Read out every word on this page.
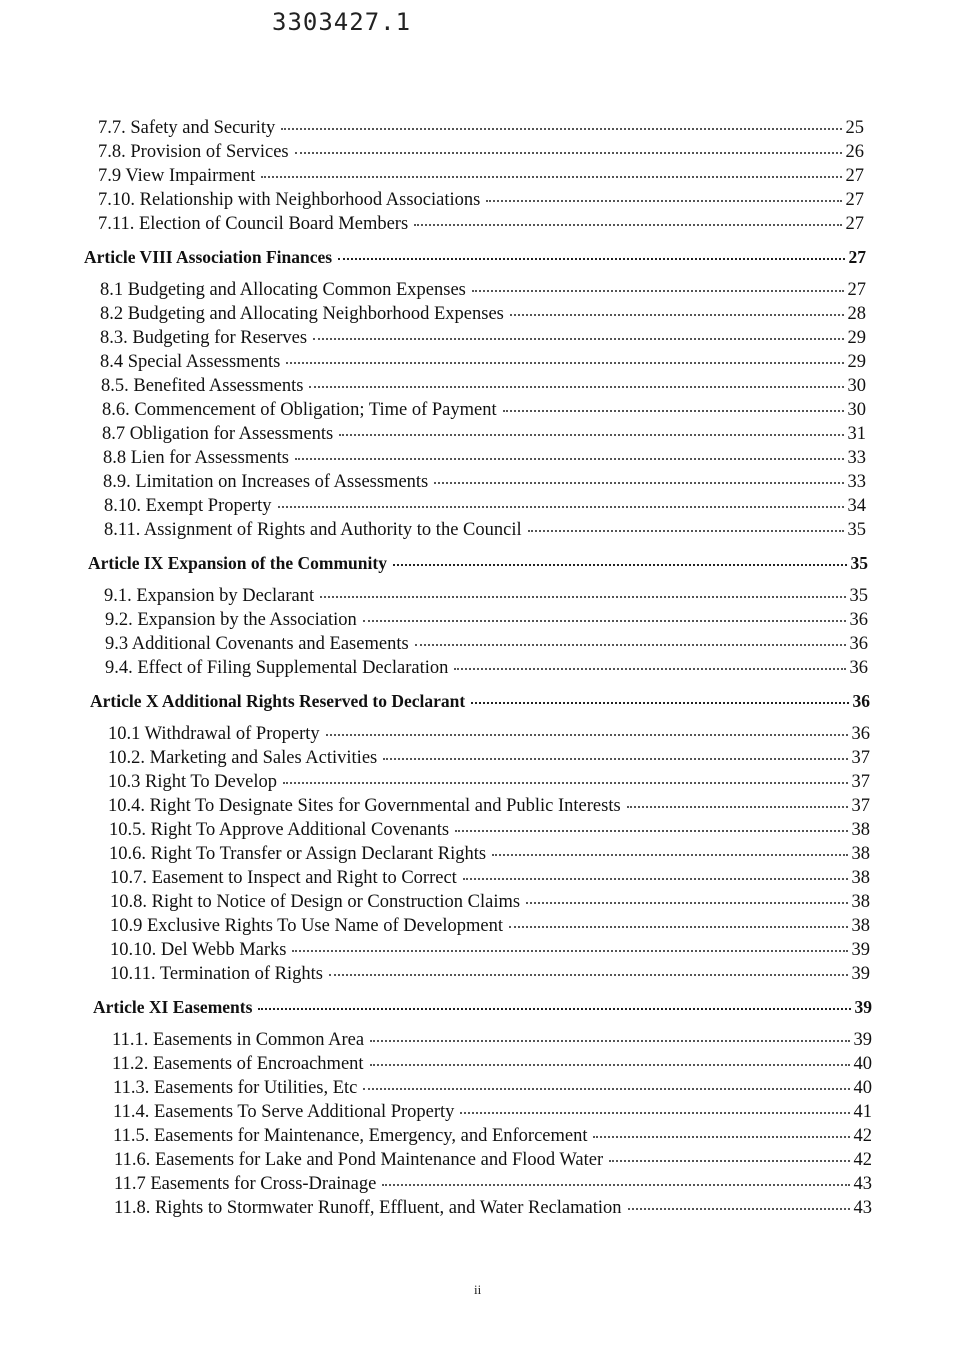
3303427.1
7.7. Safety and Security	25
7.8. Provision of Services	26
7.9 View Impairment	27
7.10. Relationship with Neighborhood Associations	27
7.11. Election of Council Board Members	27
Article VIII Association Finances	27
8.1 Budgeting and Allocating Common Expenses	27
8.2 Budgeting and Allocating Neighborhood Expenses	28
8.3. Budgeting for Reserves	29
8.4 Special Assessments	29
8.5. Benefited Assessments	30
8.6. Commencement of Obligation; Time of Payment	30
8.7 Obligation for Assessments	31
8.8 Lien for Assessments	33
8.9. Limitation on Increases of Assessments	33
8.10. Exempt Property	34
8.11. Assignment of Rights and Authority to the Council	35
Article IX Expansion of the Community	35
9.1. Expansion by Declarant	35
9.2. Expansion by the Association	36
9.3 Additional Covenants and Easements	36
9.4. Effect of Filing Supplemental Declaration	36
Article X Additional Rights Reserved to Declarant	36
10.1 Withdrawal of Property	36
10.2. Marketing and Sales Activities	37
10.3 Right To Develop	37
10.4. Right To Designate Sites for Governmental and Public Interests	37
10.5. Right To Approve Additional Covenants	38
10.6. Right To Transfer or Assign Declarant Rights	38
10.7. Easement to Inspect and Right to Correct	38
10.8. Right to Notice of Design or Construction Claims	38
10.9 Exclusive Rights To Use Name of Development	38
10.10. Del Webb Marks	39
10.11. Termination of Rights	39
Article XI Easements	39
11.1. Easements in Common Area	39
11.2. Easements of Encroachment	40
11.3. Easements for Utilities, Etc	40
11.4. Easements To Serve Additional Property	41
11.5. Easements for Maintenance, Emergency, and Enforcement	42
11.6. Easements for Lake and Pond Maintenance and Flood Water	42
11.7 Easements for Cross-Drainage	43
11.8. Rights to Stormwater Runoff, Effluent, and Water Reclamation	43
ii
